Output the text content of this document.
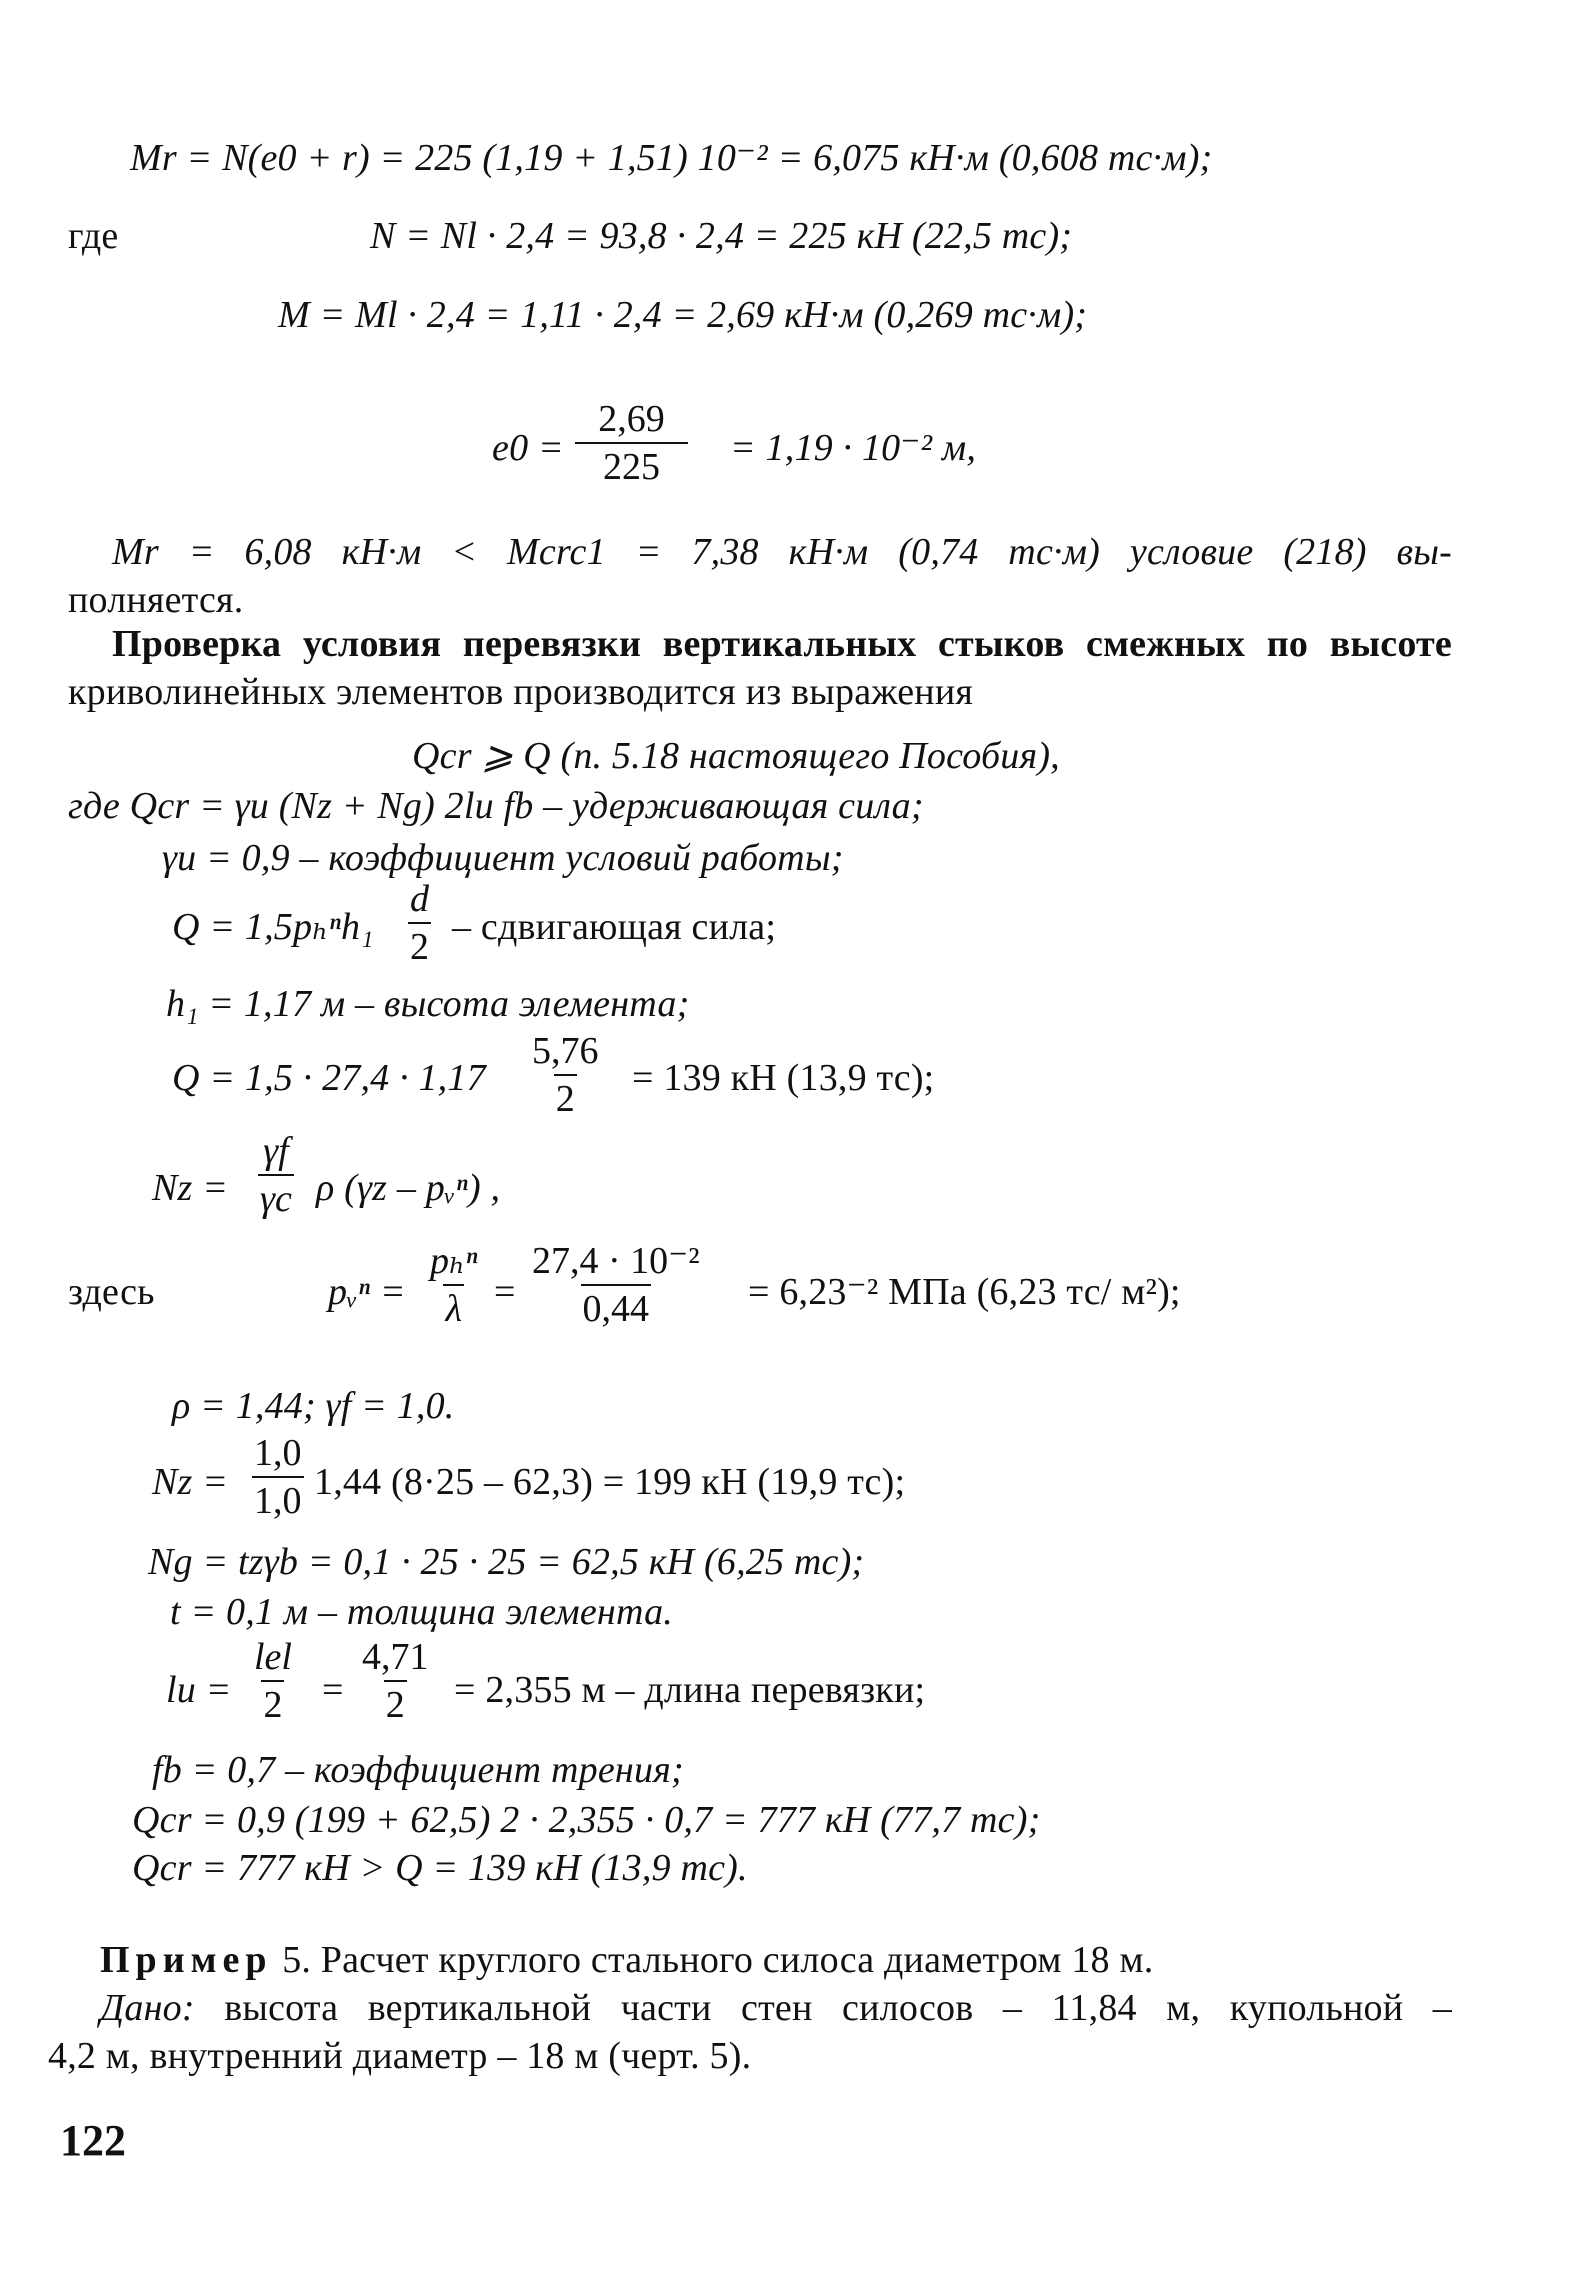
Mr = N(e0 + r) = 225 (1,19 + 1,51) 10⁻² = 6,075 кН·м (0,608 тс·м);
где	N = Nl · 2,4 = 93,8 · 2,4 = 225 кН (22,5 тс);
M = Ml · 2,4 = 1,11 · 2,4 = 2,69 кН·м (0,269 тс·м);
$e0 = \frac{2,69}{225} = 1,19 \cdot 10^{-2}$ м,
Mr = 6,08 кН·м < Mcrc1 = 7,38 кН·м (0,74 тс·м) условие (218) вы-
полняется.
Проверка условия перевязки вертикальных стыков смежных по высоте
криволинейных элементов производится из выражения
Qcr ⩾ Q (п. 5.18 настоящего Пособия),
где Qcr = γu (Nz + Ng) 2lu fb – удерживающая сила;
γu = 0,9 – коэффициент условий работы;
$Q = 1,5p_h^nh_1 \frac{d}{2}$ – сдвигающая сила;
h₁ = 1,17 м – высота элемента;
$Q = 1,5 \cdot 27,4 \cdot 1,17 \frac{5,76}{2} = 139$ кН (13,9 тс);
$Nz = \frac{\gamma f}{\gamma c}$ ρ (γz – pᵥⁿ) ,
здесь	pᵥⁿ =
pₕⁿ
$\lambda = \frac{\text{27,4 · 10⁻²}}{0,44} = 6,23^{-2}$ МПа (6,23 тс/ м²);
ρ = 1,44; γf = 1,0.
$Nz = \frac{1,0}{1,0} 1,44$ (8·25 – 62,3) = 199 кН (19,9 тс);
Ng = tzγb = 0,1 · 25 · 25 = 62,5 кН (6,25 тс);
t = 0,1 м – толщина элемента.
lu =
lel
$2 = \frac{4,71}{2} = 2,355$ м – длина перевязки;
fb = 0,7 – коэффициент трения;
Qcr = 0,9 (199 + 62,5) 2 · 2,355 · 0,7 = 777 кН (77,7 тс);
Qcr = 777 кН > Q = 139 кН (13,9 тс).
Пример 5. Расчет круглого стального силоса диаметром 18 м.
Дано: высота вертикальной части стен силосов – 11,84 м, купольной –
4,2 м, внутренний диаметр – 18 м (черт. 5).
122
